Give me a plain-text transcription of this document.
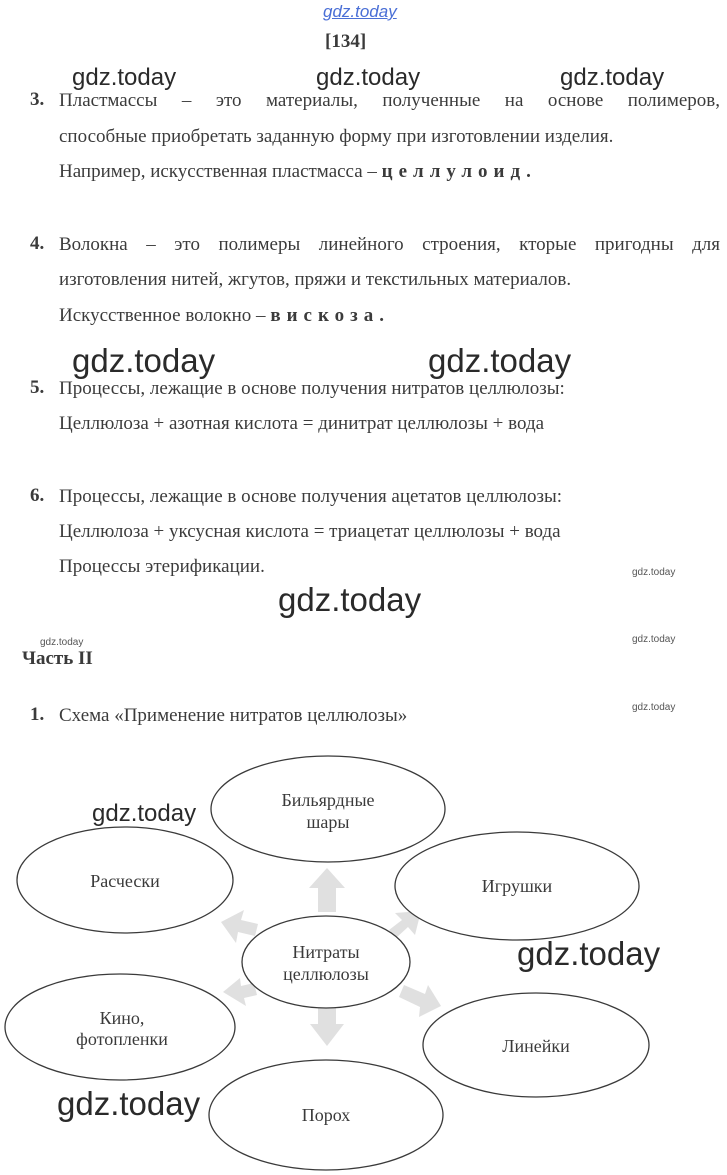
gdz.today
[134]
gdz.today	gdz.today	gdz.today
gdz.today	gdz.today
gdz.today
gdz.today
gdz.today	gdz.today
gdz.today
gdz.today
gdz.today
gdz.today
3. Пластмассы – это материалы, полученные на основе полимеров,
способные приобретать заданную форму при изготовлении изделия.
Например, искусственная пластмасса – целлулоид.
4. Волокна – это полимеры линейного строения, кторые пригодны для
изготовления нитей, жгутов, пряжи и текстильных материалов.
Искусственное волокно – вискоза.
5. Процессы, лежащие в основе получения нитратов целлюлозы:
Целлюлоза + азотная кислота = динитрат целлюлозы + вода
6. Процессы, лежащие в основе получения ацетатов целлюлозы:
Целлюлоза + уксусная кислота = триацетат целлюлозы + вода
Процессы этерификации.
Часть II
1. Схема «Применение нитратов целлюлозы»
Бильярдные
шары
Расчески	Игрушки
Нитраты
целлюлозы
Кино,
фотопленки	Линейки
Порох
